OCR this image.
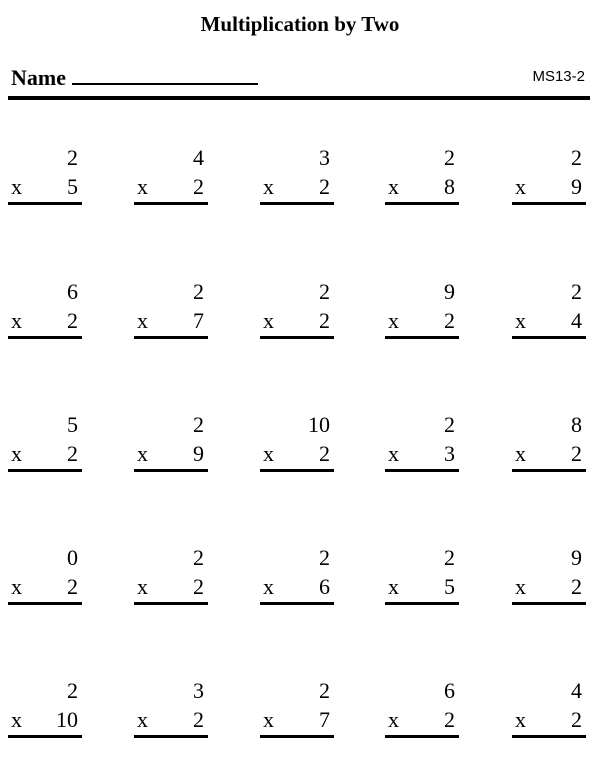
Multiplication by Two
Name	MS13-2
2
x 5
4
x 2
3
x 2
2
x 8
2
x 9
6
x 2
2
x 7
2
x 2
9
x 2
2
x 4
5
x 2
2
x 9
10
x 2
2
x 3
8
x 2
0
x 2
2
x 2
2
x 6
2
x 5
9
x 2
2
x 10
3
x 2
2
x 7
6
x 2
4
x 2
